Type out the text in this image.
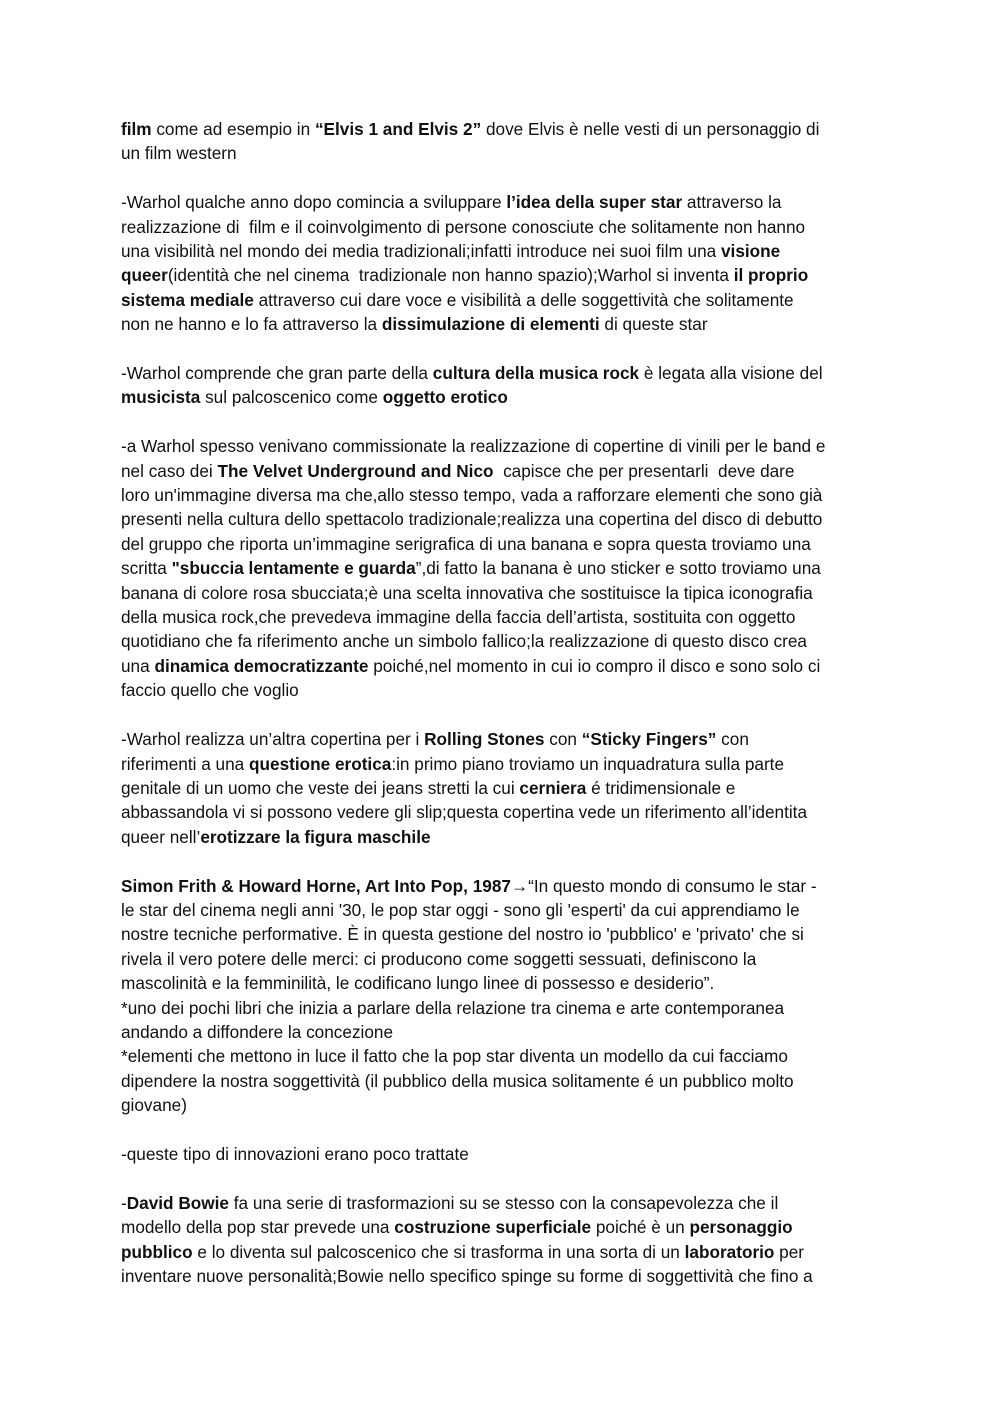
film come ad esempio in “Elvis 1 and Elvis 2” dove Elvis è nelle vesti di un personaggio di
un film western
-Warhol qualche anno dopo comincia a sviluppare l’idea della super star attraverso la
realizzazione di  film e il coinvolgimento di persone conosciute che solitamente non hanno
una visibilità nel mondo dei media tradizionali;infatti introduce nei suoi film una visione
queer(identità che nel cinema  tradizionale non hanno spazio);Warhol si inventa il proprio
sistema mediale attraverso cui dare voce e visibilità a delle soggettività che solitamente
non ne hanno e lo fa attraverso la dissimulazione di elementi di queste star
-Warhol comprende che gran parte della cultura della musica rock è legata alla visione del
musicista sul palcoscenico come oggetto erotico
-a Warhol spesso venivano commissionate la realizzazione di copertine di vinili per le band e
nel caso dei The Velvet Underground and Nico  capisce che per presentarli  deve dare
loro un'immagine diversa ma che,allo stesso tempo, vada a rafforzare elementi che sono già
presenti nella cultura dello spettacolo tradizionale;realizza una copertina del disco di debutto
del gruppo che riporta un’immagine serigrafica di una banana e sopra questa troviamo una
scritta "sbuccia lentamente e guarda”,di fatto la banana è uno sticker e sotto troviamo una
banana di colore rosa sbucciata;è una scelta innovativa che sostituisce la tipica iconografia
della musica rock,che prevedeva immagine della faccia dell’artista, sostituita con oggetto
quotidiano che fa riferimento anche un simbolo fallico;la realizzazione di questo disco crea
una dinamica democratizzante poiché,nel momento in cui io compro il disco e sono solo ci
faccio quello che voglio
-Warhol realizza un’altra copertina per i Rolling Stones con “Sticky Fingers” con
riferimenti a una questione erotica:in primo piano troviamo un inquadratura sulla parte
genitale di un uomo che veste dei jeans stretti la cui cerniera é tridimensionale e
abbassandola vi si possono vedere gli slip;questa copertina vede un riferimento all’identita
queer nell’erotizzare la figura maschile
Simon Frith & Howard Horne, Art Into Pop, 1987→“In questo mondo di consumo le star -
le star del cinema negli anni '30, le pop star oggi - sono gli 'esperti' da cui apprendiamo le
nostre tecniche performative. È in questa gestione del nostro io 'pubblico' e 'privato' che si
rivela il vero potere delle merci: ci producono come soggetti sessuati, definiscono la
mascolinità e la femminilità, le codificano lungo linee di possesso e desiderio”.
*uno dei pochi libri che inizia a parlare della relazione tra cinema e arte contemporanea
andando a diffondere la concezione
*elementi che mettono in luce il fatto che la pop star diventa un modello da cui facciamo
dipendere la nostra soggettività (il pubblico della musica solitamente é un pubblico molto
giovane)
-queste tipo di innovazioni erano poco trattate
-David Bowie fa una serie di trasformazioni su se stesso con la consapevolezza che il
modello della pop star prevede una costruzione superficiale poiché è un personaggio
pubblico e lo diventa sul palcoscenico che si trasforma in una sorta di un laboratorio per
inventare nuove personalità;Bowie nello specifico spinge su forme di soggettività che fino a
